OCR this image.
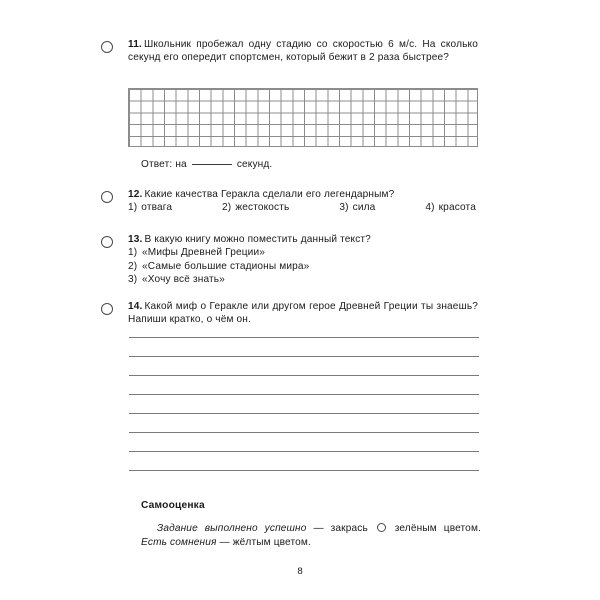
11. Школьник пробежал одну стадию со скоростью 6 м/с. На сколько секунд его опередит спортсмен, который бежит в 2 раза быстрее?

Ответ: на	секунд.

12. Какие качества Геракла сделали его легендарным?

1) отвага	2) жестокость	3) сила	4) красота

13. В какую книгу можно поместить данный текст?

1) «Мифы Древней Греции»
2) «Самые большие стадионы мира»
3) «Хочу всё знать»

14. Какой миф о Геракле или другом герое Древней Греции ты знаешь? Напиши кратко, о чём он.

Самооценка

Задание выполнено успешно — закрась	зелёным цветом. Есть сомнения — жёлтым цветом.

8
